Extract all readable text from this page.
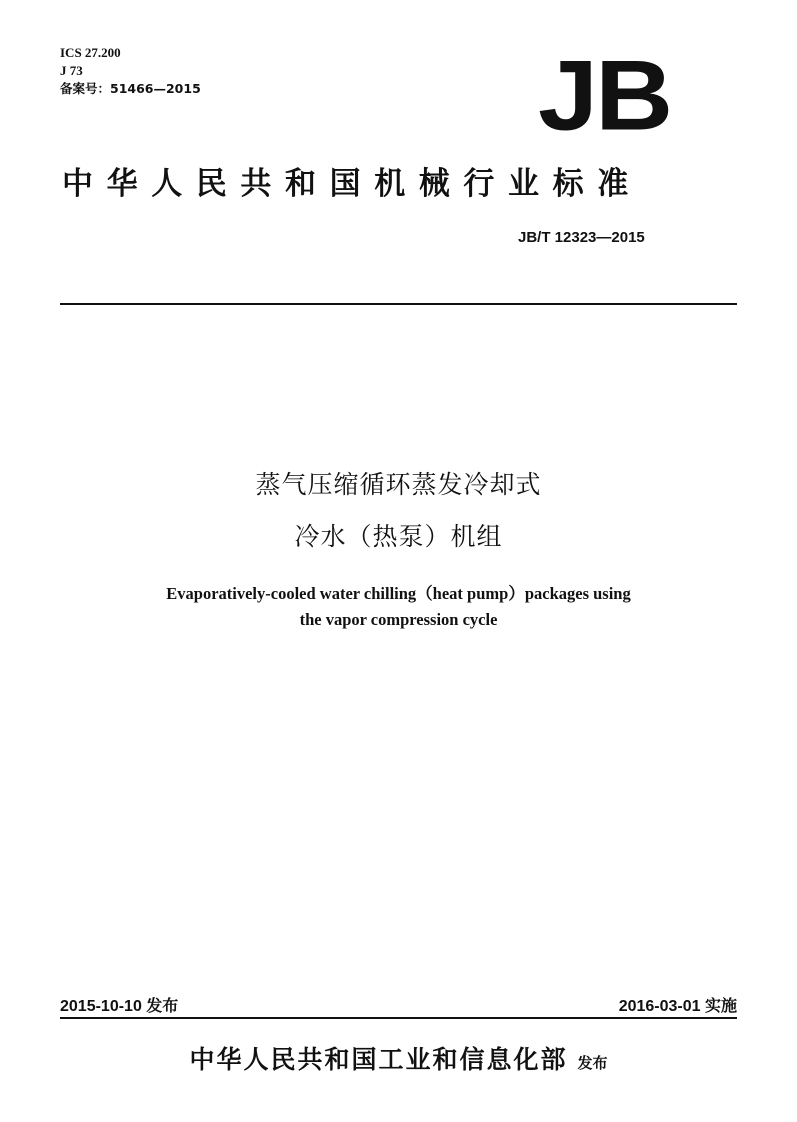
ICS 27.200
J 73
备案号：51466—2015	JB
中华人民共和国机械行业标准
JB/T 12323—2015
蒸气压缩循环蒸发冷却式
冷水（热泵）机组
Evaporatively-cooled water chilling（heat pump）packages using
the vapor compression cycle
2015-10-10 发布	2016-03-01 实施
中华人民共和国工业和信息化部 发布
